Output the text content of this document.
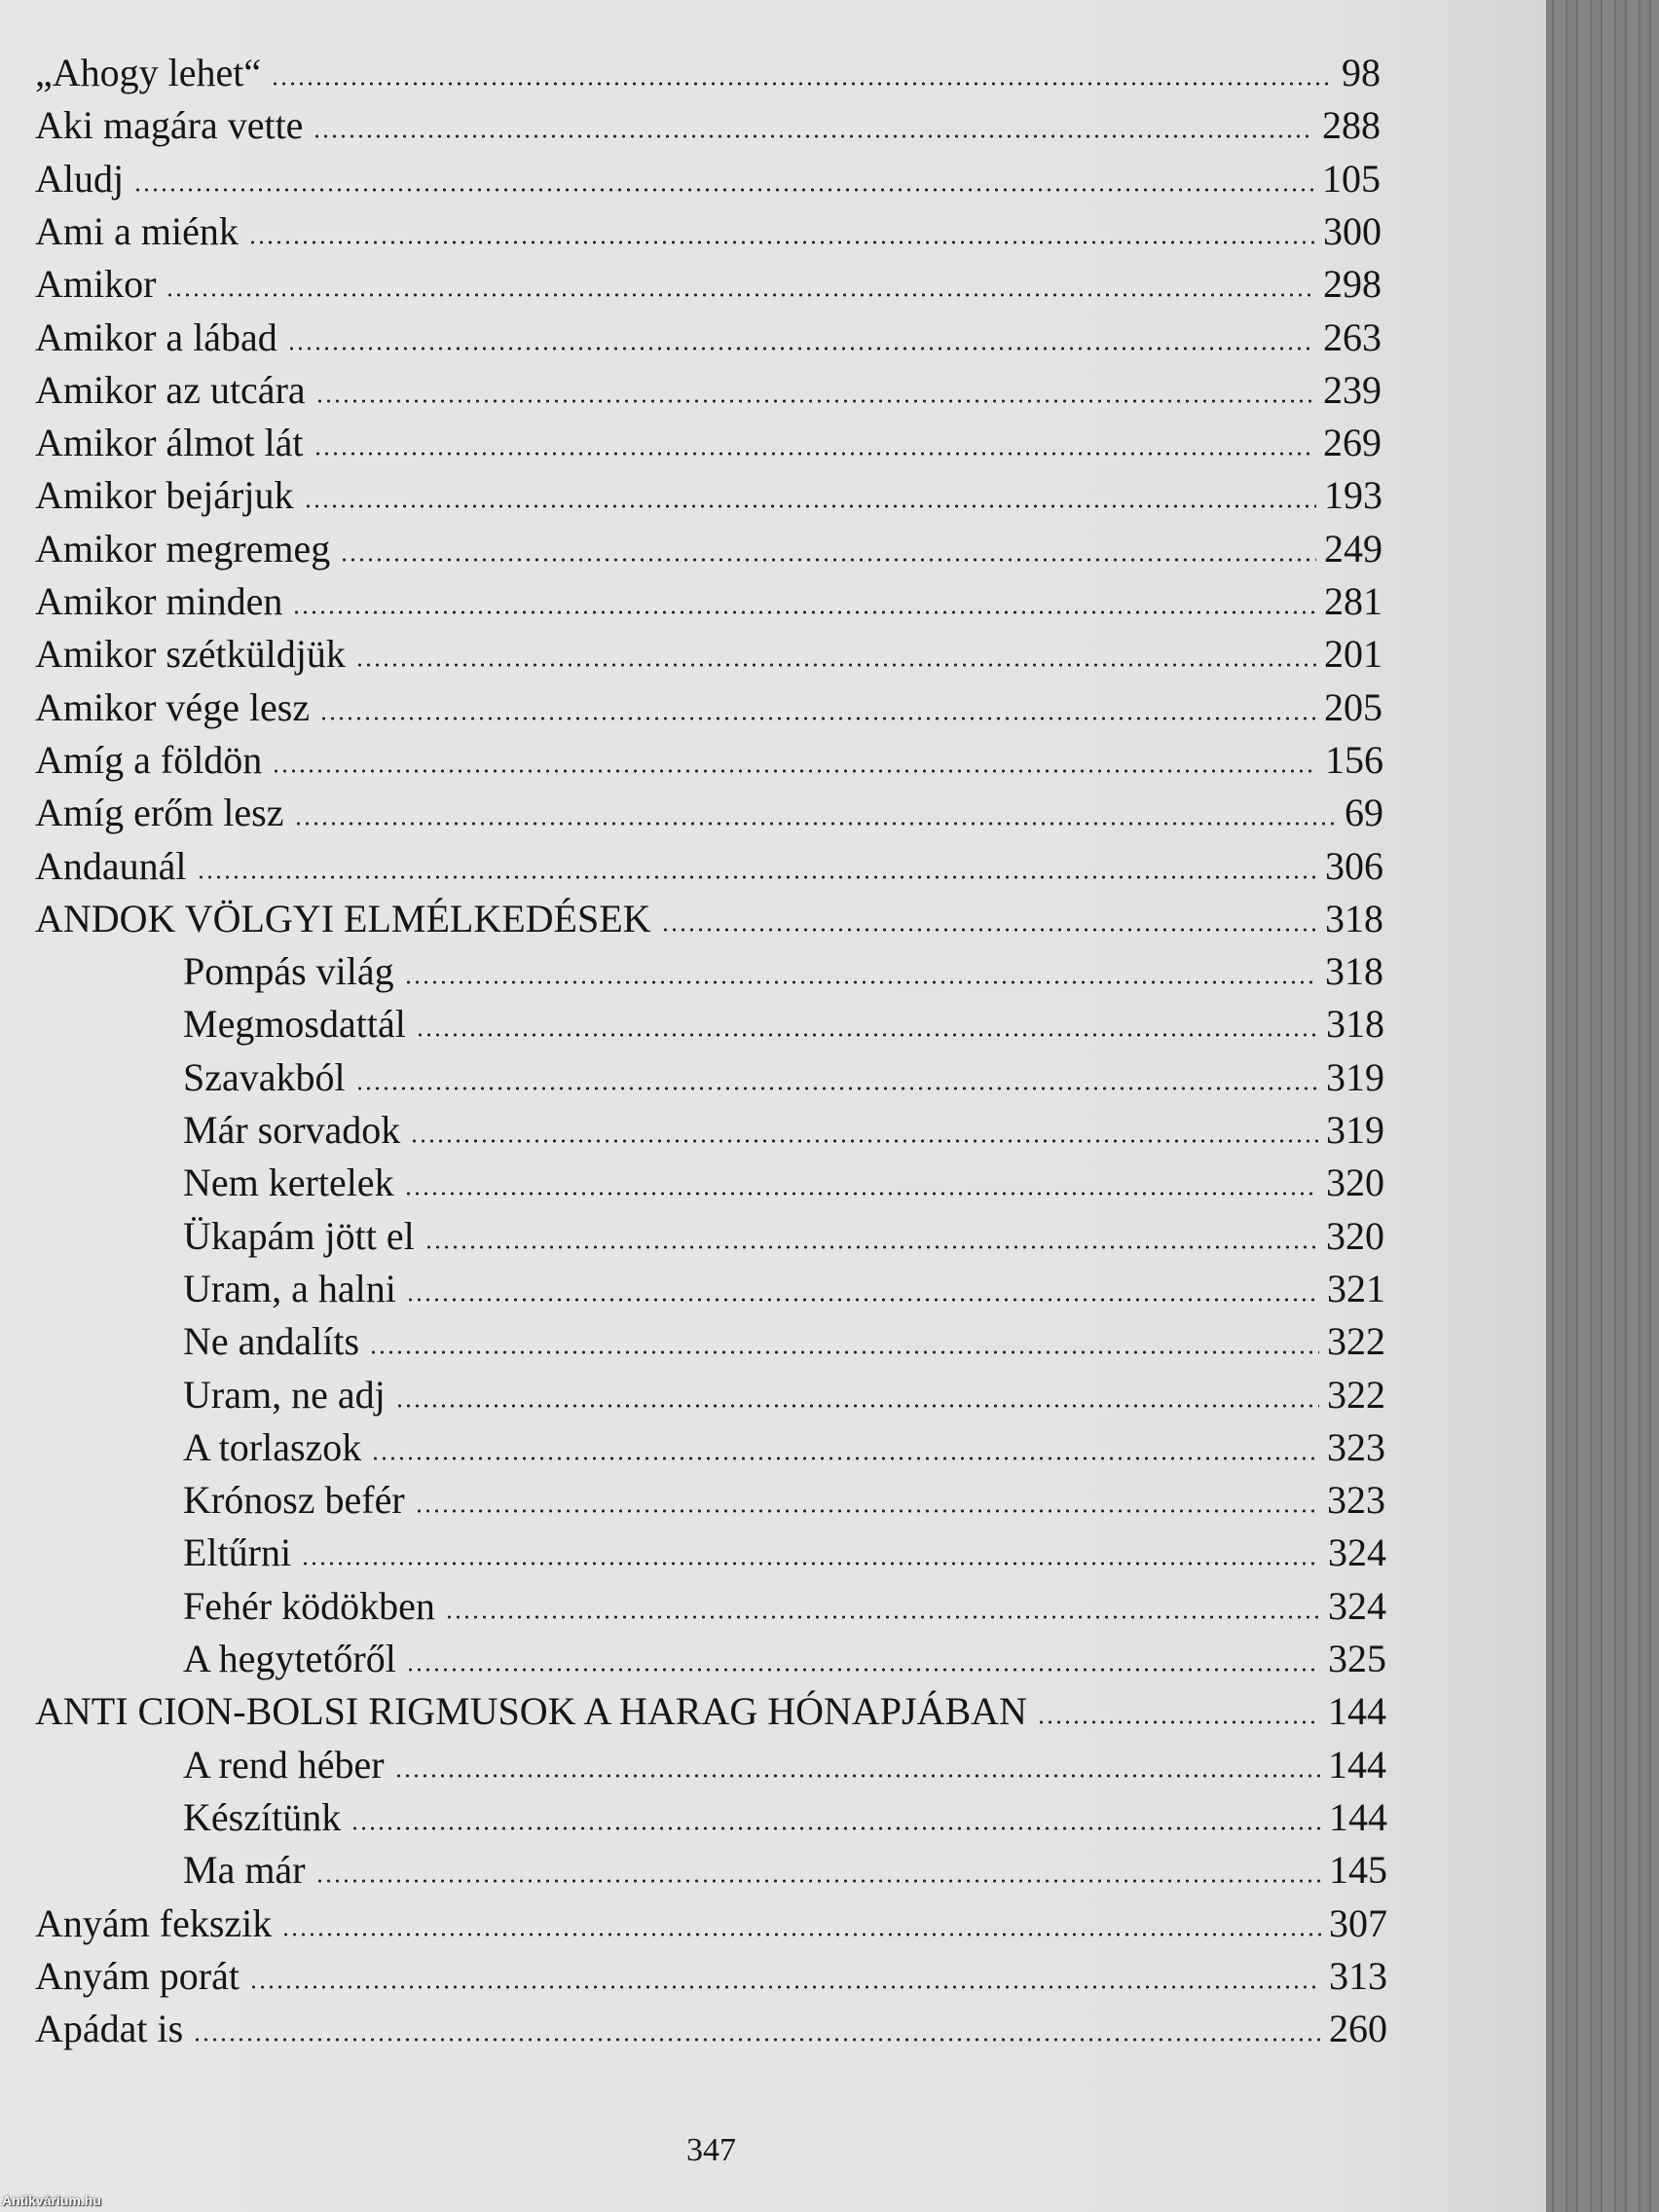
„Ahogy lehet“	98
Aki magára vette	288
Aludj	105
Ami a miénk	300
Amikor	298
Amikor a lábad	263
Amikor az utcára	239
Amikor álmot lát	269
Amikor bejárjuk	193
Amikor megremeg	249
Amikor minden	281
Amikor szétküldjük	201
Amikor vége lesz	205
Amíg a földön	156
Amíg erőm lesz	69
Andaunál	306
ANDOK VÖLGYI ELMÉLKEDÉSEK	318
Pompás világ	318
Megmosdattál	318
Szavakból	319
Már sorvadok	319
Nem kertelek	320
Ükapám jött el	320
Uram, a halni	321
Ne andalíts	322
Uram, ne adj	322
A torlaszok	323
Krónosz befér	323
Eltűrni	324
Fehér ködökben	324
A hegytetőről	325
ANTI CION-BOLSI RIGMUSOK A HARAG HÓNAPJÁBAN	144
A rend héber	144
Készítünk	144
Ma már	145
Anyám fekszik	307
Anyám porát	313
Apádat is	260
347
Antikvárium.hu
